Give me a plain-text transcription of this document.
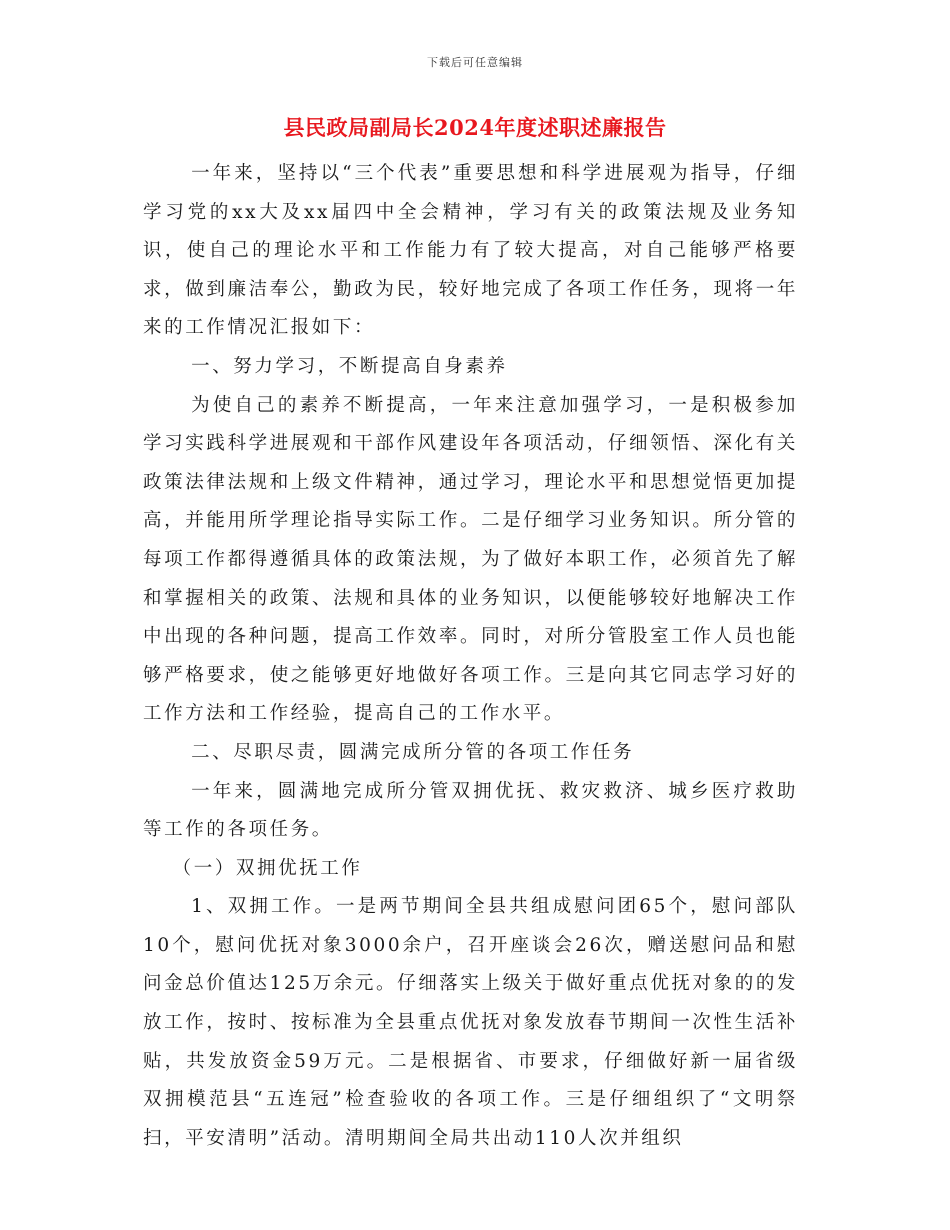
下载后可任意编辑
县民政局副局长2024年度述职述廉报告

一年来，坚持以“三个代表”重要思想和科学进展观为指导，仔细学习党的xx大及xx届四中全会精神，学习有关的政策法规及业务知识，使自己的理论水平和工作能力有了较大提高，对自己能够严格要求，做到廉洁奉公，勤政为民，较好地完成了各项工作任务，现将一年来的工作情况汇报如下：

一、努力学习，不断提高自身素养

为使自己的素养不断提高，一年来注意加强学习，一是积极参加学习实践科学进展观和干部作风建设年各项活动，仔细领悟、深化有关政策法律法规和上级文件精神，通过学习，理论水平和思想觉悟更加提高，并能用所学理论指导实际工作。二是仔细学习业务知识。所分管的每项工作都得遵循具体的政策法规，为了做好本职工作，必须首先了解和掌握相关的政策、法规和具体的业务知识，以便能够较好地解决工作中出现的各种问题，提高工作效率。同时，对所分管股室工作人员也能够严格要求，使之能够更好地做好各项工作。三是向其它同志学习好的工作方法和工作经验，提高自己的工作水平。

二、尽职尽责，圆满完成所分管的各项工作任务

一年来，圆满地完成所分管双拥优抚、救灾救济、城乡医疗救助等工作的各项任务。

（一）双拥优抚工作

1、双拥工作。一是两节期间全县共组成慰问团65个，慰问部队10个，慰问优抚对象3000余户，召开座谈会26次，赠送慰问品和慰问金总价值达125万余元。仔细落实上级关于做好重点优抚对象的的发放工作，按时、按标准为全县重点优抚对象发放春节期间一次性生活补贴，共发放资金59万元。二是根据省、市要求，仔细做好新一届省级双拥模范县“五连冠”检查验收的各项工作。三是仔细组织了“文明祭扫，平安清明”活动。清明期间全局共出动110人次并组织
